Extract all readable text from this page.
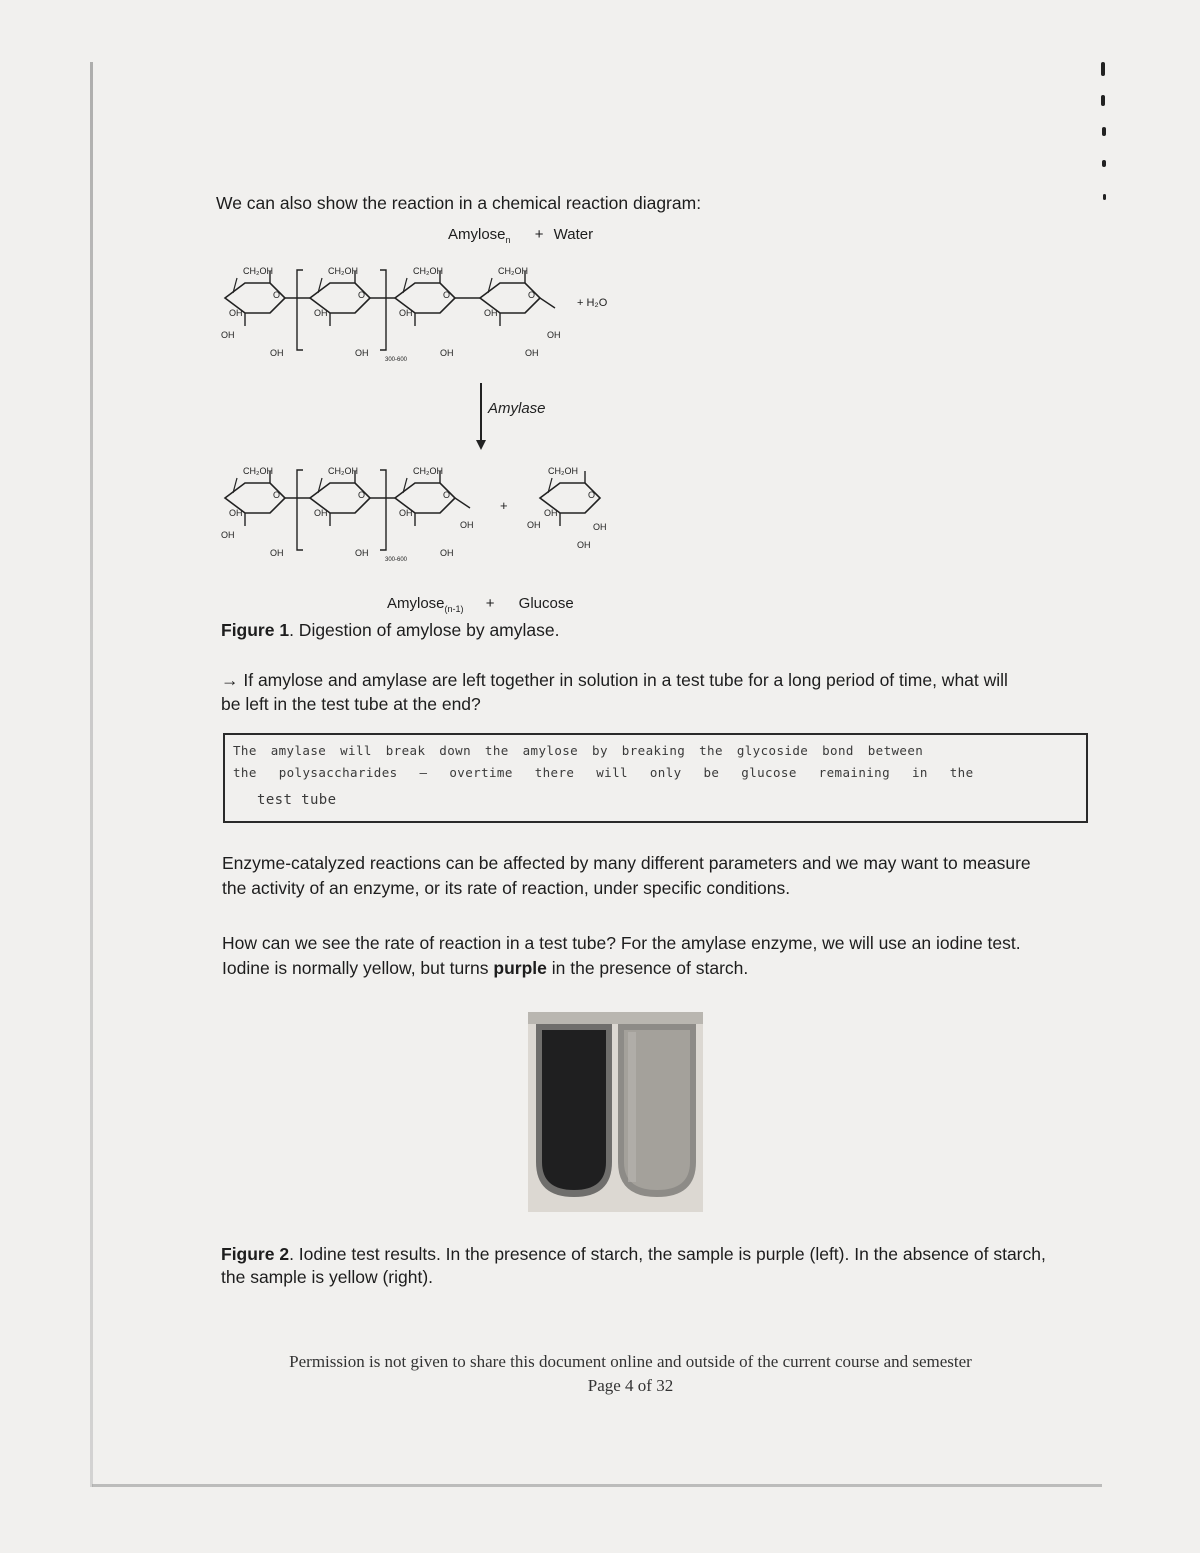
We can also show the reaction in a chemical reaction diagram:
Amylose$_n$ + Water
CH₂OH	CH₂OH	CH₂OH	CH₂OH
OH	OH	OH	OH
OH
OH	OH	OH	OH
OH
O	O	O	O
300-600
+ H₂O
Amylase
CH₂OH	CH₂OH	CH₂OH	CH₂OH
OH	OH	OH	OH
OH
OH	OH	OH
OH	OH	OH
OH
O	O	O	O
300-600
+
Amylose$_{(n-1)}$ + Glucose
Figure 1. Digestion of amylose by amylase.
→ If amylose and amylase are left together in solution in a test tube for a long period of time, what will be left in the test tube at the end?
The amylase will break down the amylose by breaking the glycoside bond between
the polysaccharides — overtime there will only be glucose remaining in the
test tube
Enzyme-catalyzed reactions can be affected by many different parameters and we may want to measure the activity of an enzyme, or its rate of reaction, under specific conditions.
How can we see the rate of reaction in a test tube? For the amylase enzyme, we will use an iodine test. Iodine is normally yellow, but turns purple in the presence of starch.
Figure 2. Iodine test results. In the presence of starch, the sample is purple (left). In the absence of starch, the sample is yellow (right).
Permission is not given to share this document online and outside of the current course and semester
Page 4 of 32
